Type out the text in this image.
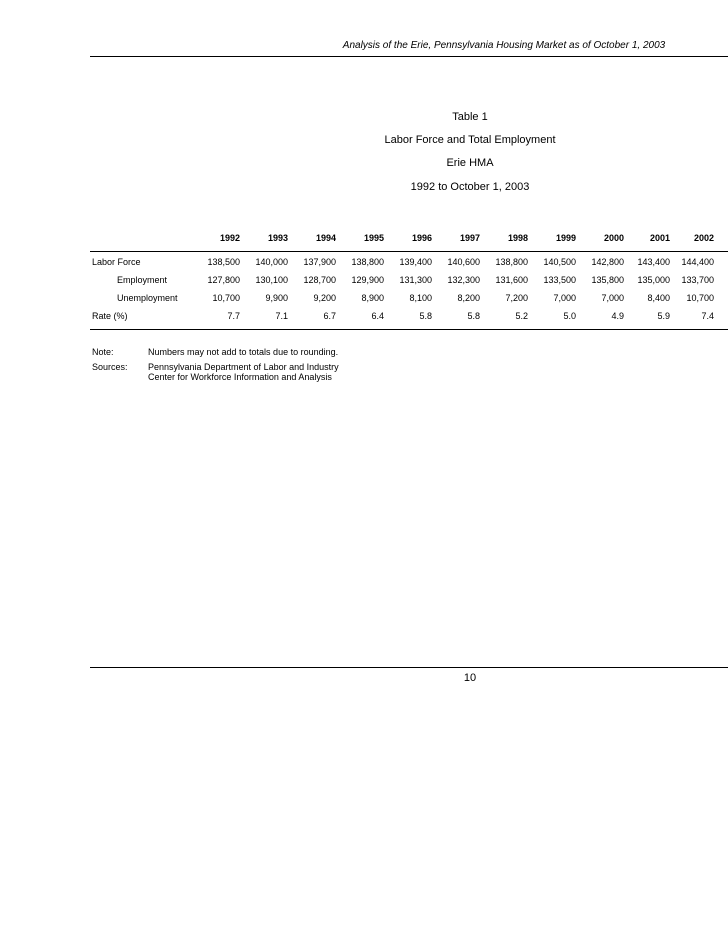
Analysis of the Erie, Pennsylvania Housing Market as of October 1, 2003
Table 1
Labor Force and Total Employment
Erie HMA
1992 to October 1, 2003
1992	1993	1994	1995	1996	1997	1998	1999	2000	2001	2002
Labor Force	138,500 140,000 137,900 138,800 139,400 140,600 138,800 140,500 142,800 143,400 144,400
Employment	127,800 130,100 128,700 129,900 131,300 132,300 131,600 133,500 135,800 135,000 133,700
Unemployment	10,700	9,900	9,200	8,900	8,100	8,200	7,200	7,000	7,000	8,400 10,700
Rate (%)	7.7	7.1	6.7	6.4	5.8	5.8	5.2	5.0	4.9	5.9	7.4
Note:	Numbers may not add to totals due to rounding.
Sources: Pennsylvania Department of Labor and Industry
Center for Workforce Information and Analysis
10
